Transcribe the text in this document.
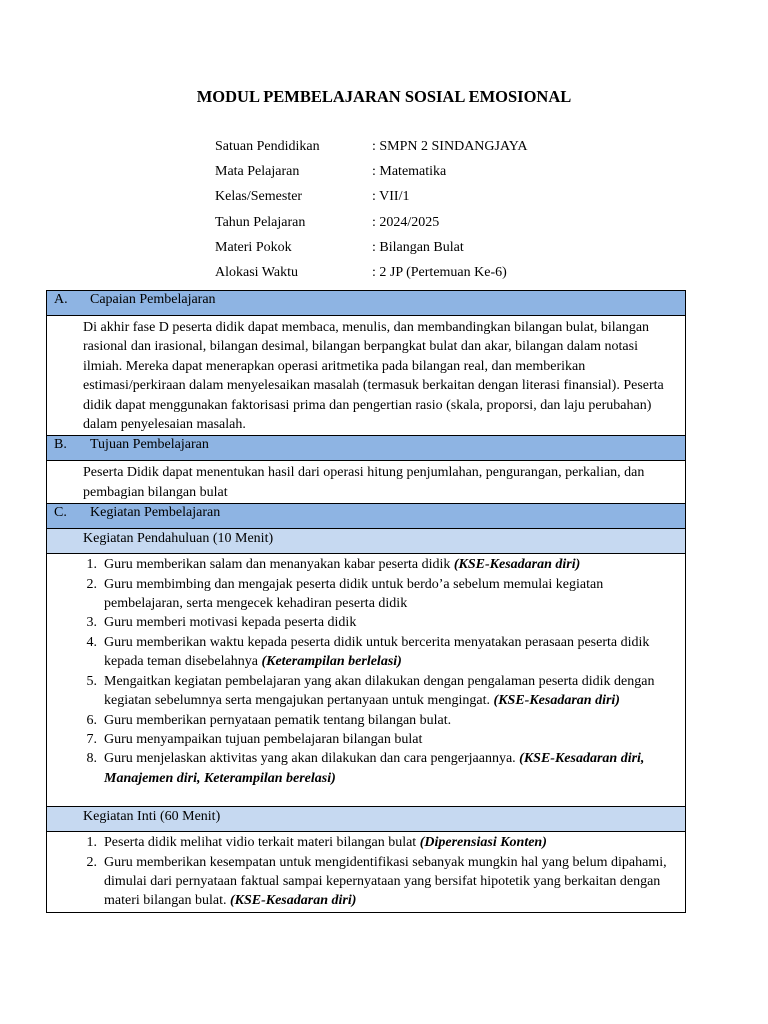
MODUL PEMBELAJARAN SOSIAL EMOSIONAL
Satuan Pendidikan	: SMPN 2 SINDANGJAYA
Mata Pelajaran	: Matematika
Kelas/Semester	: VII/1
Tahun Pelajaran	: 2024/2025
Materi Pokok	: Bilangan Bulat
Alokasi Waktu	: 2 JP (Pertemuan Ke-6)
A.	Capaian Pembelajaran

Di akhir fase D peserta didik dapat membaca, menulis, dan membandingkan bilangan bulat, bilangan rasional dan irasional, bilangan desimal, bilangan berpangkat bulat dan akar, bilangan dalam notasi ilmiah. Mereka dapat menerapkan operasi aritmetika pada bilangan real, dan memberikan estimasi/perkiraan dalam menyelesaikan masalah (termasuk berkaitan dengan literasi finansial). Peserta didik dapat menggunakan faktorisasi prima dan pengertian rasio (skala, proporsi, dan laju perubahan) dalam penyelesaian masalah.

B.	Tujuan Pembelajaran

Peserta Didik dapat menentukan hasil dari operasi hitung penjumlahan, pengurangan, perkalian, dan pembagian bilangan bulat

C.	Kegiatan Pembelajaran

Kegiatan Pendahuluan (10 Menit)

1. Guru memberikan salam dan menanyakan kabar peserta didik (KSE-Kesadaran diri)
2. Guru membimbing dan mengajak peserta didik untuk berdo’a sebelum memulai kegiatan pembelajaran, serta mengecek kehadiran peserta didik
3. Guru memberi motivasi kepada peserta didik
4. Guru memberikan waktu kepada peserta didik untuk bercerita menyatakan perasaan peserta didik kepada teman disebelahnya (Keterampilan berlelasi)
5. Mengaitkan kegiatan pembelajaran yang akan dilakukan dengan pengalaman peserta didik dengan kegiatan sebelumnya serta mengajukan pertanyaan untuk mengingat. (KSE-Kesadaran diri)
6. Guru memberikan pernyataan pematik tentang bilangan bulat.
7. Guru menyampaikan tujuan pembelajaran bilangan bulat
8. Guru menjelaskan aktivitas yang akan dilakukan dan cara pengerjaannya. (KSE-Kesadaran diri, Manajemen diri, Keterampilan berelasi)

Kegiatan Inti (60 Menit)

1. Peserta didik melihat vidio terkait materi bilangan bulat (Diperensiasi Konten)
2. Guru memberikan kesempatan untuk mengidentifikasi sebanyak mungkin hal yang belum dipahami, dimulai dari pernyataan faktual sampai kepernyataan yang bersifat hipotetik yang berkaitan dengan materi bilangan bulat. (KSE-Kesadaran diri)
